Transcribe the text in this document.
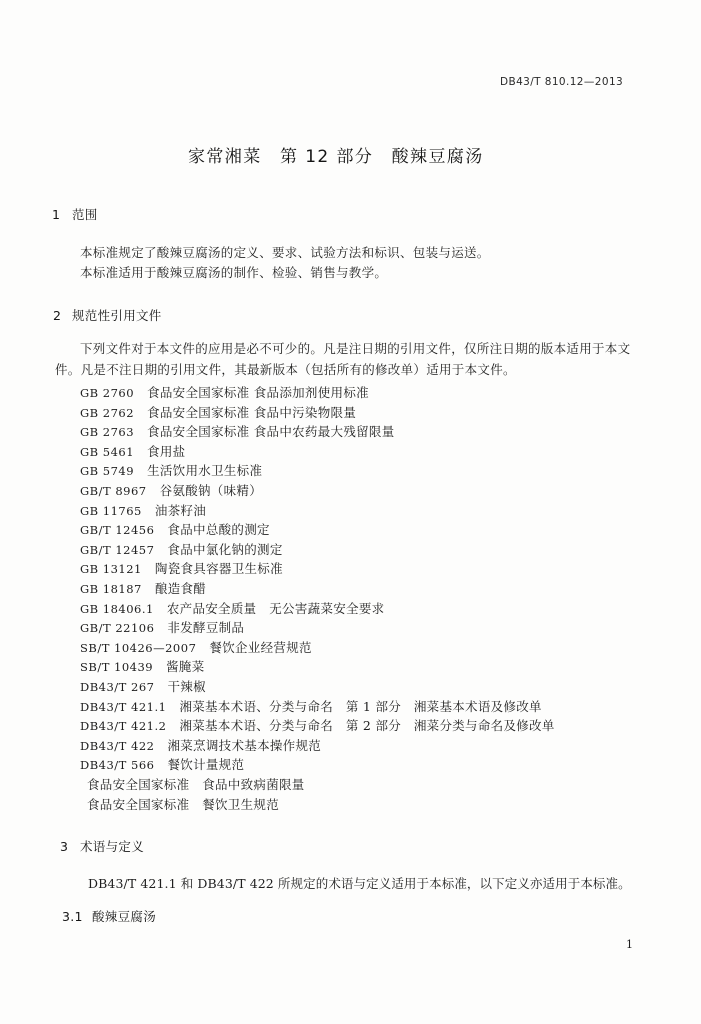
DB43/T 810.12—2013
家常湘菜　第 12 部分　酸辣豆腐汤
1 范围
本标准规定了酸辣豆腐汤的定义、要求、试验方法和标识、包装与运送。
本标准适用于酸辣豆腐汤的制作、检验、销售与教学。
2 规范性引用文件
下列文件对于本文件的应用是必不可少的。凡是注日期的引用文件，仅所注日期的版本适用于本文
件。凡是不注日期的引用文件，其最新版本（包括所有的修改单）适用于本文件。
GB 2760 食品安全国家标准 食品添加剂使用标准
GB 2762 食品安全国家标准 食品中污染物限量
GB 2763 食品安全国家标准 食品中农药最大残留限量
GB 5461 食用盐
GB 5749 生活饮用水卫生标准
GB/T 8967 谷氨酸钠（味精）
GB 11765 油茶籽油
GB/T 12456 食品中总酸的测定
GB/T 12457 食品中氯化钠的测定
GB 13121 陶瓷食具容器卫生标准
GB 18187 酿造食醋
GB 18406.1 农产品安全质量　无公害蔬菜安全要求
GB/T 22106 非发酵豆制品
SB/T 10426—2007 餐饮企业经营规范
SB/T 10439 酱腌菜
DB43/T 267 干辣椒
DB43/T 421.1 湘菜基本术语、分类与命名　第 1 部分　湘菜基本术语及修改单
DB43/T 421.2 湘菜基本术语、分类与命名　第 2 部分　湘菜分类与命名及修改单
DB43/T 422 湘菜烹调技术基本操作规范
DB43/T 566 餐饮计量规范
食品安全国家标准　食品中致病菌限量
食品安全国家标准　餐饮卫生规范
3 术语与定义
DB43/T 421.1 和 DB43/T 422 所规定的术语与定义适用于本标准，以下定义亦适用于本标准。
3.1 酸辣豆腐汤
1
